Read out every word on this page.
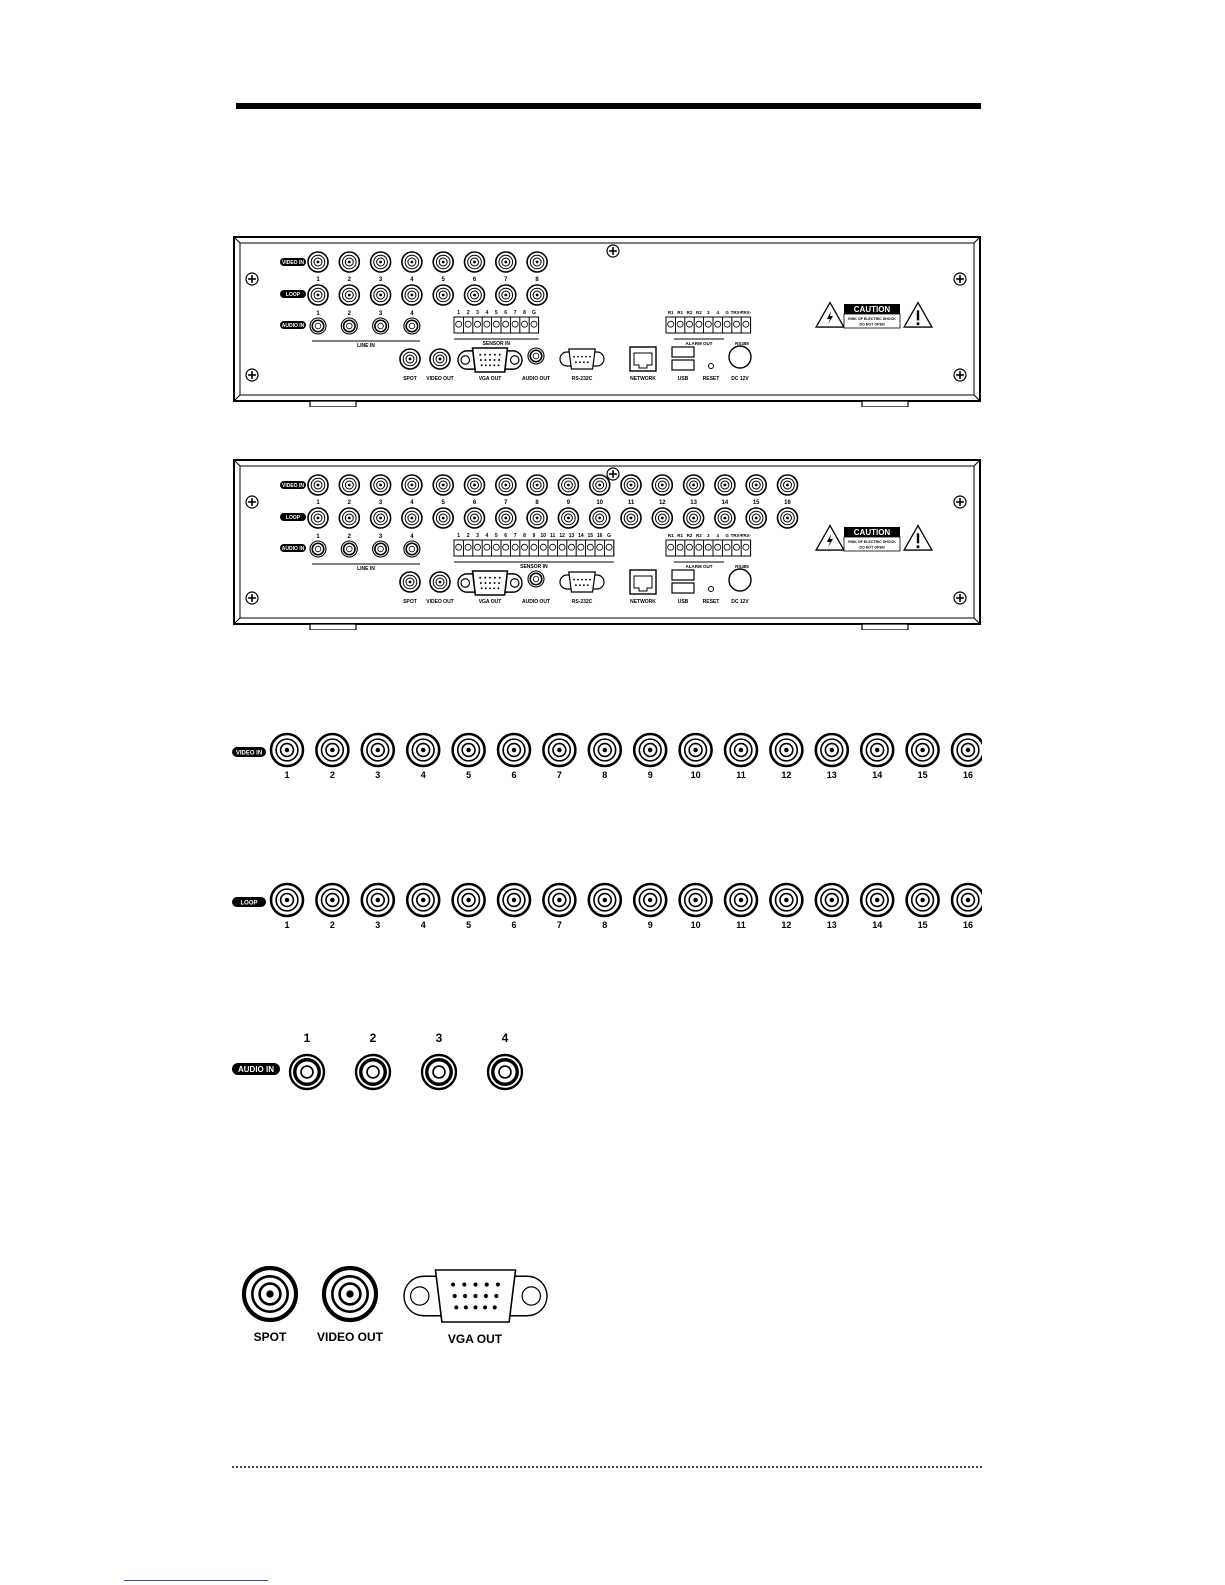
VIDEO IN
LOOP
AUDIO IN
1	2	3	4	5	6	7	8
1	2	3	4
LINE IN
1 2 3 4 5 6 7 8 G
SENSOR IN
R1 R1 R2 R2 3 4 G TRX+
TRX-
ALARM OUT	RS485
SPOT VIDEO OUT	VGA OUT	AUDIO OUT	RS-232C	NETWORK	USB	RESET DC 12V
CAUTION
RISK OF ELECTRIC SHOCK
DO NOT OPEN
VIDEO IN
LOOP
AUDIO IN
1	2	3	4	5	6	7	8	9	10	11	12	13	14	15	16
1	2	3	4
LINE IN
1 2 3 4 5 6 7 8 9 10 11 12 13 14 15 16 G
SENSOR IN
R1 R1 R2 R2 3 4 G TRX+
TRX-
ALARM OUT	RS485
SPOT VIDEO OUT	VGA OUT	AUDIO OUT	RS-232C	NETWORK	USB	RESET DC 12V
CAUTION
RISK OF ELECTRIC SHOCK
DO NOT OPEN
VIDEO IN
1	2	3	4	5	6	7	8	9	10	11	12	13	14	15	16
LOOP
1	2	3	4	5	6	7	8	9	10	11	12	13	14	15	16
AUDIO IN
1	2	3	4
SPOT	VIDEO OUT	VGA OUT
